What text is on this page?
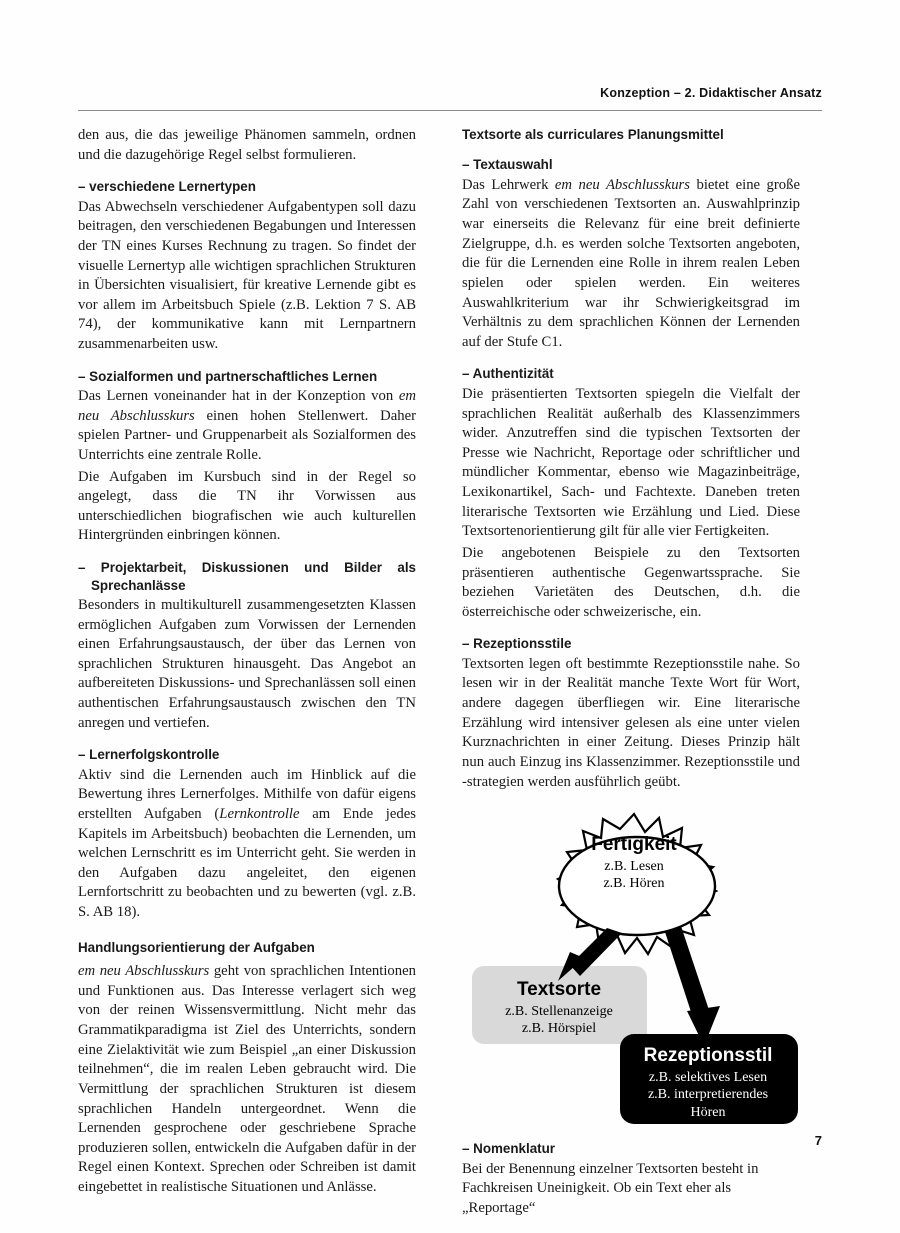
Konzeption – 2. Didaktischer Ansatz

den aus, die das jeweilige Phänomen sammeln, ordnen und die dazugehörige Regel selbst formulieren.

– verschiedene Lernertypen

Das Abwechseln verschiedener Aufgabentypen soll dazu beitragen, den verschiedenen Begabungen und Interessen der TN eines Kurses Rechnung zu tragen. So findet der visuelle Lernertyp alle wichtigen sprachlichen Strukturen in Übersichten visualisiert, für kreative Lernende gibt es vor allem im Arbeitsbuch Spiele (z.B. Lektion 7 S. AB 74), der kommunikative kann mit Lernpartnern zusammenarbeiten usw.

– Sozialformen und partnerschaftliches Lernen

Das Lernen voneinander hat in der Konzeption von em neu Abschlusskurs einen hohen Stellenwert. Daher spielen Partner- und Gruppenarbeit als Sozialformen des Unterrichts eine zentrale Rolle.

Die Aufgaben im Kursbuch sind in der Regel so angelegt, dass die TN ihr Vorwissen aus unterschiedlichen biografischen wie auch kulturellen Hintergründen einbringen können.

– Projektarbeit, Diskussionen und Bilder als Sprechanlässe

Besonders in multikulturell zusammengesetzten Klassen ermöglichen Aufgaben zum Vorwissen der Lernenden einen Erfahrungsaustausch, der über das Lernen von sprachlichen Strukturen hinausgeht. Das Angebot an aufbereiteten Diskussions- und Sprechanlässen soll einen authentischen Erfahrungsaustausch zwischen den TN anregen und vertiefen.

– Lernerfolgskontrolle

Aktiv sind die Lernenden auch im Hinblick auf die Bewertung ihres Lernerfolges. Mithilfe von dafür eigens erstellten Aufgaben (Lernkontrolle am Ende jedes Kapitels im Arbeitsbuch) beobachten die Lernenden, um welchen Lernschritt es im Unterricht geht. Sie werden in den Aufgaben dazu angeleitet, den eigenen Lernfortschritt zu beobachten und zu bewerten (vgl. z.B. S. AB 18).

Handlungsorientierung der Aufgaben

em neu Abschlusskurs geht von sprachlichen Intentionen und Funktionen aus. Das Interesse verlagert sich weg von der reinen Wissensvermittlung. Nicht mehr das Grammatikparadigma ist Ziel des Unterrichts, sondern eine Zielaktivität wie zum Beispiel „an einer Diskussion teilnehmen“, die im realen Leben gebraucht wird. Die Vermittlung der sprachlichen Strukturen ist diesem sprachlichen Handeln untergeordnet. Wenn die Lernenden gesprochene oder geschriebene Sprache produzieren sollen, entwickeln die Aufgaben dafür in der Regel einen Kontext. Sprechen oder Schreiben ist damit eingebettet in realistische Situationen und Anlässe.

Textsorte als curriculares Planungsmittel

– Textauswahl

Das Lehrwerk em neu Abschlusskurs bietet eine große Zahl von verschiedenen Textsorten an. Auswahlprinzip war einerseits die Relevanz für eine breit definierte Zielgruppe, d.h. es werden solche Textsorten angeboten, die für die Lernenden eine Rolle in ihrem realen Leben spielen oder spielen werden. Ein weiteres Auswahlkriterium war ihr Schwierigkeitsgrad im Verhältnis zu dem sprachlichen Können der Lernenden auf der Stufe C1.

– Authentizität

Die präsentierten Textsorten spiegeln die Vielfalt der sprachlichen Realität außerhalb des Klassenzimmers wider. Anzutreffen sind die typischen Textsorten der Presse wie Nachricht, Reportage oder schriftlicher und mündlicher Kommentar, ebenso wie Magazinbeiträge, Lexikonartikel, Sach- und Fachtexte. Daneben treten literarische Textsorten wie Erzählung und Lied. Diese Textsortenorientierung gilt für alle vier Fertigkeiten.

Die angebotenen Beispiele zu den Textsorten präsentieren authentische Gegenwartssprache. Sie beziehen Varietäten des Deutschen, d.h. die österreichische oder schweizerische, ein.

– Rezeptionsstile

Textsorten legen oft bestimmte Rezeptionsstile nahe. So lesen wir in der Realität manche Texte Wort für Wort, andere dagegen überfliegen wir. Eine literarische Erzählung wird intensiver gelesen als eine unter vielen Kurznachrichten in einer Zeitung. Dieses Prinzip hält nun auch Einzug ins Klassenzimmer. Rezeptionsstile und -strategien werden ausführlich geübt.

Fertigkeit
z.B. Lesen
z.B. Hören
Textsorte
z.B. Stellenanzeige
z.B. Hörspiel
Rezeptionsstil
z.B. selektives Lesen
z.B. interpretierendes
Hören

– Nomenklatur

Bei der Benennung einzelner Textsorten besteht in Fachkreisen Uneinigkeit. Ob ein Text eher als „Reportage“

7
